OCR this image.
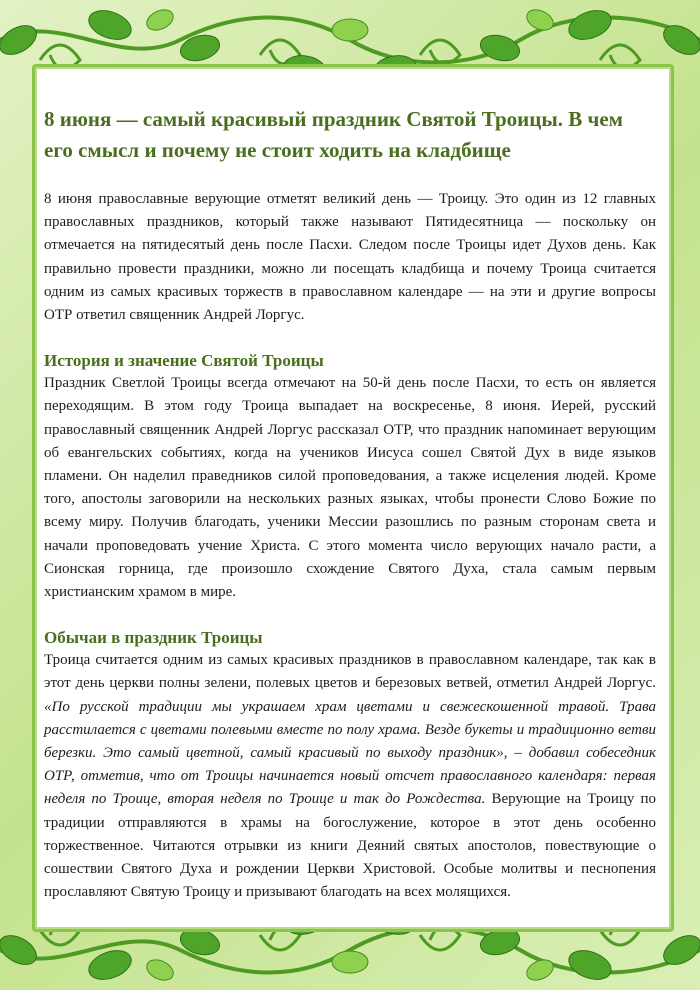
8 июня — самый красивый праздник Святой Троицы. В чем его смысл и почему не стоит ходить на кладбище

8 июня православные верующие отметят великий день — Троицу. Это один из 12 главных православных праздников, который также называют Пятидесятница — поскольку он отмечается на пятидесятый день после Пасхи. Следом после Троицы идет Духов день. Как правильно провести праздники, можно ли посещать кладбища и почему Троица считается одним из самых красивых торжеств в православном календаре — на эти и другие вопросы ОТР ответил священник Андрей Лоргус.

История и значение Святой Троицы

Праздник Светлой Троицы всегда отмечают на 50-й день после Пасхи, то есть он является переходящим. В этом году Троица выпадает на воскресенье, 8 июня. Иерей, русский православный священник Андрей Лоргус рассказал ОТР, что праздник напоминает верующим об евангельских событиях, когда на учеников Иисуса сошел Святой Дух в виде языков пламени. Он наделил праведников силой проповедования, а также исцеления людей. Кроме того, апостолы заговорили на нескольких разных языках, чтобы пронести Слово Божие по всему миру. Получив благодать, ученики Мессии разошлись по разным сторонам света и начали проповедовать учение Христа. С этого момента число верующих начало расти, а Сионская горница, где произошло схождение Святого Духа, стала самым первым христианским храмом в мире.

Обычаи в праздник Троицы

Троица считается одним из самых красивых праздников в православном календаре, так как в этот день церкви полны зелени, полевых цветов и березовых ветвей, отметил Андрей Лоргус. «По русской традиции мы украшаем храм цветами и свежескошенной травой. Трава расстилается с цветами полевыми вместе по полу храма. Везде букеты и традиционно ветви березки. Это самый цветной, самый красивый по выходу праздник», – добавил собеседник ОТР, отметив, что от Троицы начинается новый отсчет православного календаря: первая неделя по Троице, вторая неделя по Троице и так до Рождества. Верующие на Троицу по традиции отправляются в храмы на богослужение, которое в этот день особенно торжественное. Читаются отрывки из книги Деяний святых апостолов, повествующие о сошествии Святого Духа и рождении Церкви Христовой. Особые молитвы и песнопения прославляют Святую Троицу и призывают благодать на всех молящихся.
